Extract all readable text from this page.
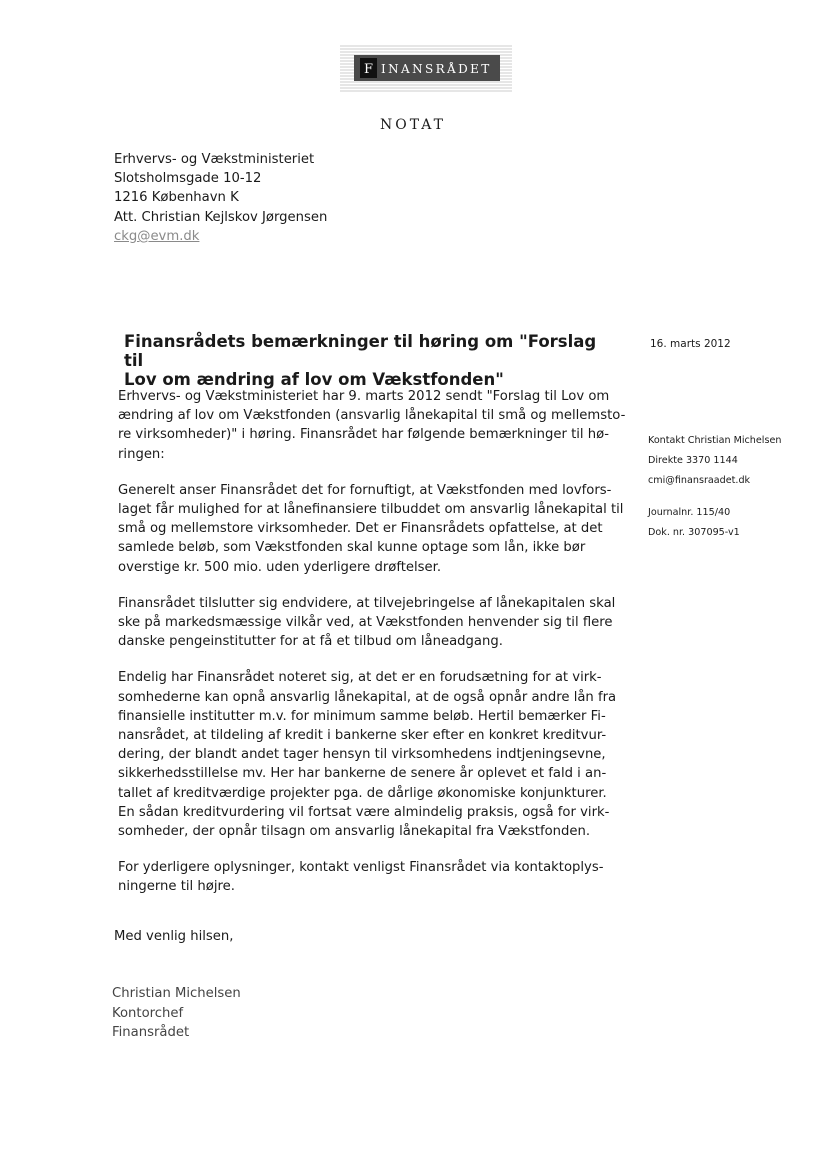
F INANSRÅDET
NOTAT
Erhvervs- og Vækstministeriet
Slotsholmsgade 10-12
1216 København K
Att. Christian Kejlskov Jørgensen
ckg@evm.dk
Finansrådets bemærkninger til høring om "Forslag til
Lov om ændring af lov om Vækstfonden"
16. marts 2012
Kontakt Christian Michelsen
Direkte 3370 1144
cmi@finansraadet.dk
Journalnr. 115/40
Dok. nr. 307095-v1
Erhvervs- og Vækstministeriet har 9. marts 2012 sendt "Forslag til Lov om
ændring af lov om Vækstfonden (ansvarlig lånekapital til små og mellemsto-
re virksomheder)" i høring. Finansrådet har følgende bemærkninger til hø-
ringen:
Generelt anser Finansrådet det for fornuftigt, at Vækstfonden med lovfors-
laget får mulighed for at lånefinansiere tilbuddet om ansvarlig lånekapital til
små og mellemstore virksomheder. Det er Finansrådets opfattelse, at det
samlede beløb, som Vækstfonden skal kunne optage som lån, ikke bør
overstige kr. 500 mio. uden yderligere drøftelser.
Finansrådet tilslutter sig endvidere, at tilvejebringelse af lånekapitalen skal
ske på markedsmæssige vilkår ved, at Vækstfonden henvender sig til flere
danske pengeinstitutter for at få et tilbud om låneadgang.
Endelig har Finansrådet noteret sig, at det er en forudsætning for at virk-
somhederne kan opnå ansvarlig lånekapital, at de også opnår andre lån fra
finansielle institutter m.v. for minimum samme beløb. Hertil bemærker Fi-
nansrådet, at tildeling af kredit i bankerne sker efter en konkret kreditvur-
dering, der blandt andet tager hensyn til virksomhedens indtjeningsevne,
sikkerhedsstillelse mv. Her har bankerne de senere år oplevet et fald i an-
tallet af kreditværdige projekter pga. de dårlige økonomiske konjunkturer.
En sådan kreditvurdering vil fortsat være almindelig praksis, også for virk-
somheder, der opnår tilsagn om ansvarlig lånekapital fra Vækstfonden.
For yderligere oplysninger, kontakt venligst Finansrådet via kontaktoplys-
ningerne til højre.
Med venlig hilsen,
Christian Michelsen
Kontorchef
Finansrådet
